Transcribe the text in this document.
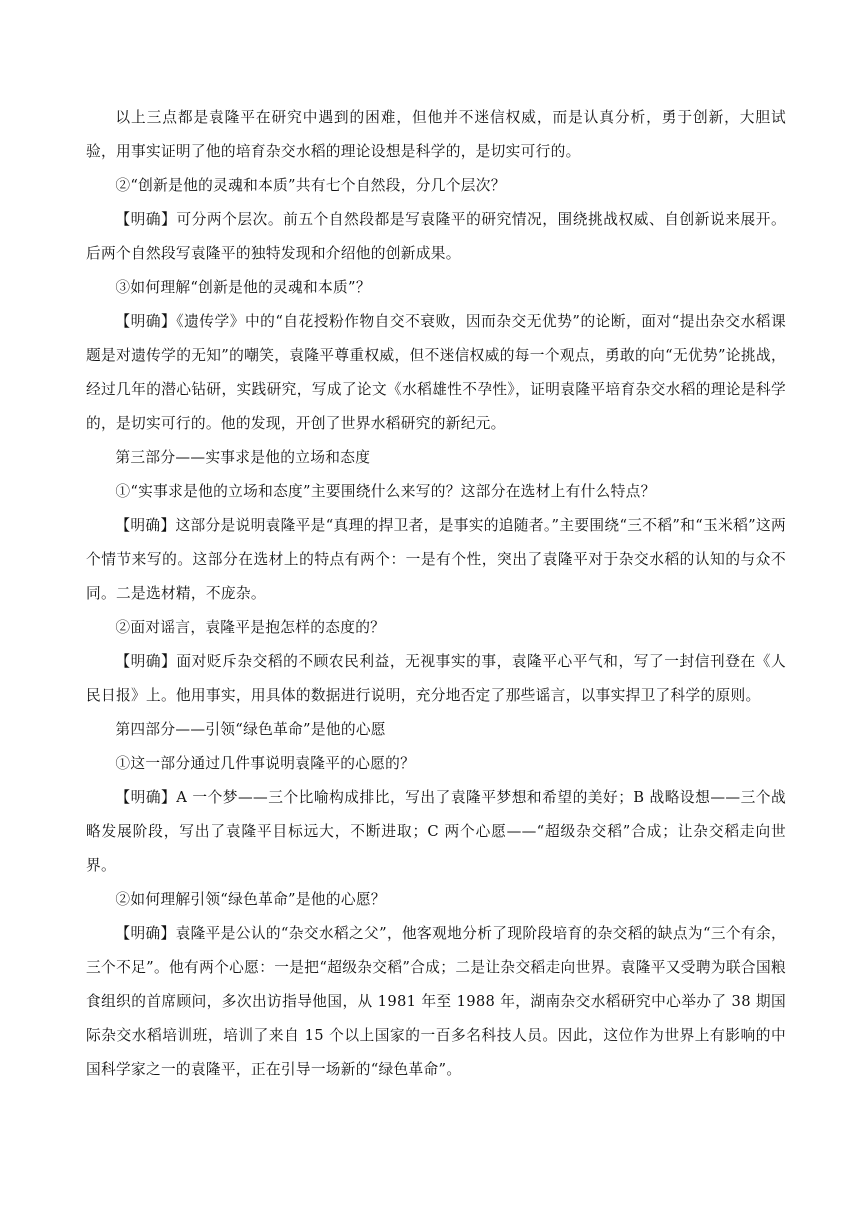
以上三点都是袁隆平在研究中遇到的困难，但他并不迷信权威，而是认真分析，勇于创新，大胆试验，用事实证明了他的培育杂交水稻的理论设想是科学的，是切实可行的。

②“创新是他的灵魂和本质”共有七个自然段，分几个层次？

【明确】可分两个层次。前五个自然段都是写袁隆平的研究情况，围绕挑战权威、自创新说来展开。后两个自然段写袁隆平的独特发现和介绍他的创新成果。

③如何理解“创新是他的灵魂和本质”？

【明确】《遗传学》中的“自花授粉作物自交不衰败，因而杂交无优势”的论断，面对“提出杂交水稻课题是对遗传学的无知”的嘲笑，袁隆平尊重权威，但不迷信权威的每一个观点，勇敢的向“无优势”论挑战，经过几年的潜心钻研，实践研究，写成了论文《水稻雄性不孕性》，证明袁隆平培育杂交水稻的理论是科学的，是切实可行的。他的发现，开创了世界水稻研究的新纪元。

第三部分——实事求是他的立场和态度

①“实事求是他的立场和态度”主要围绕什么来写的？这部分在选材上有什么特点？

【明确】这部分是说明袁隆平是“真理的捍卫者，是事实的追随者。”主要围绕“三不稻”和“玉米稻”这两个情节来写的。这部分在选材上的特点有两个：一是有个性，突出了袁隆平对于杂交水稻的认知的与众不同。二是选材精，不庞杂。

②面对谣言，袁隆平是抱怎样的态度的？

【明确】面对贬斥杂交稻的不顾农民利益，无视事实的事，袁隆平心平气和，写了一封信刊登在《人民日报》上。他用事实，用具体的数据进行说明，充分地否定了那些谣言，以事实捍卫了科学的原则。

第四部分——引领“绿色革命”是他的心愿

①这一部分通过几件事说明袁隆平的心愿的？

【明确】A 一个梦——三个比喻构成排比，写出了袁隆平梦想和希望的美好；B 战略设想——三个战略发展阶段，写出了袁隆平目标远大，不断进取；C 两个心愿——“超级杂交稻”合成；让杂交稻走向世界。

②如何理解引领“绿色革命”是他的心愿？

【明确】袁隆平是公认的“杂交水稻之父”，他客观地分析了现阶段培育的杂交稻的缺点为“三个有余，三个不足”。他有两个心愿：一是把“超级杂交稻”合成；二是让杂交稻走向世界。袁隆平又受聘为联合国粮食组织的首席顾问，多次出访指导他国，从 1981 年至 1988 年，湖南杂交水稻研究中心举办了 38 期国际杂交水稻培训班，培训了来自 15 个以上国家的一百多名科技人员。因此，这位作为世界上有影响的中国科学家之一的袁隆平，正在引导一场新的“绿色革命”。
